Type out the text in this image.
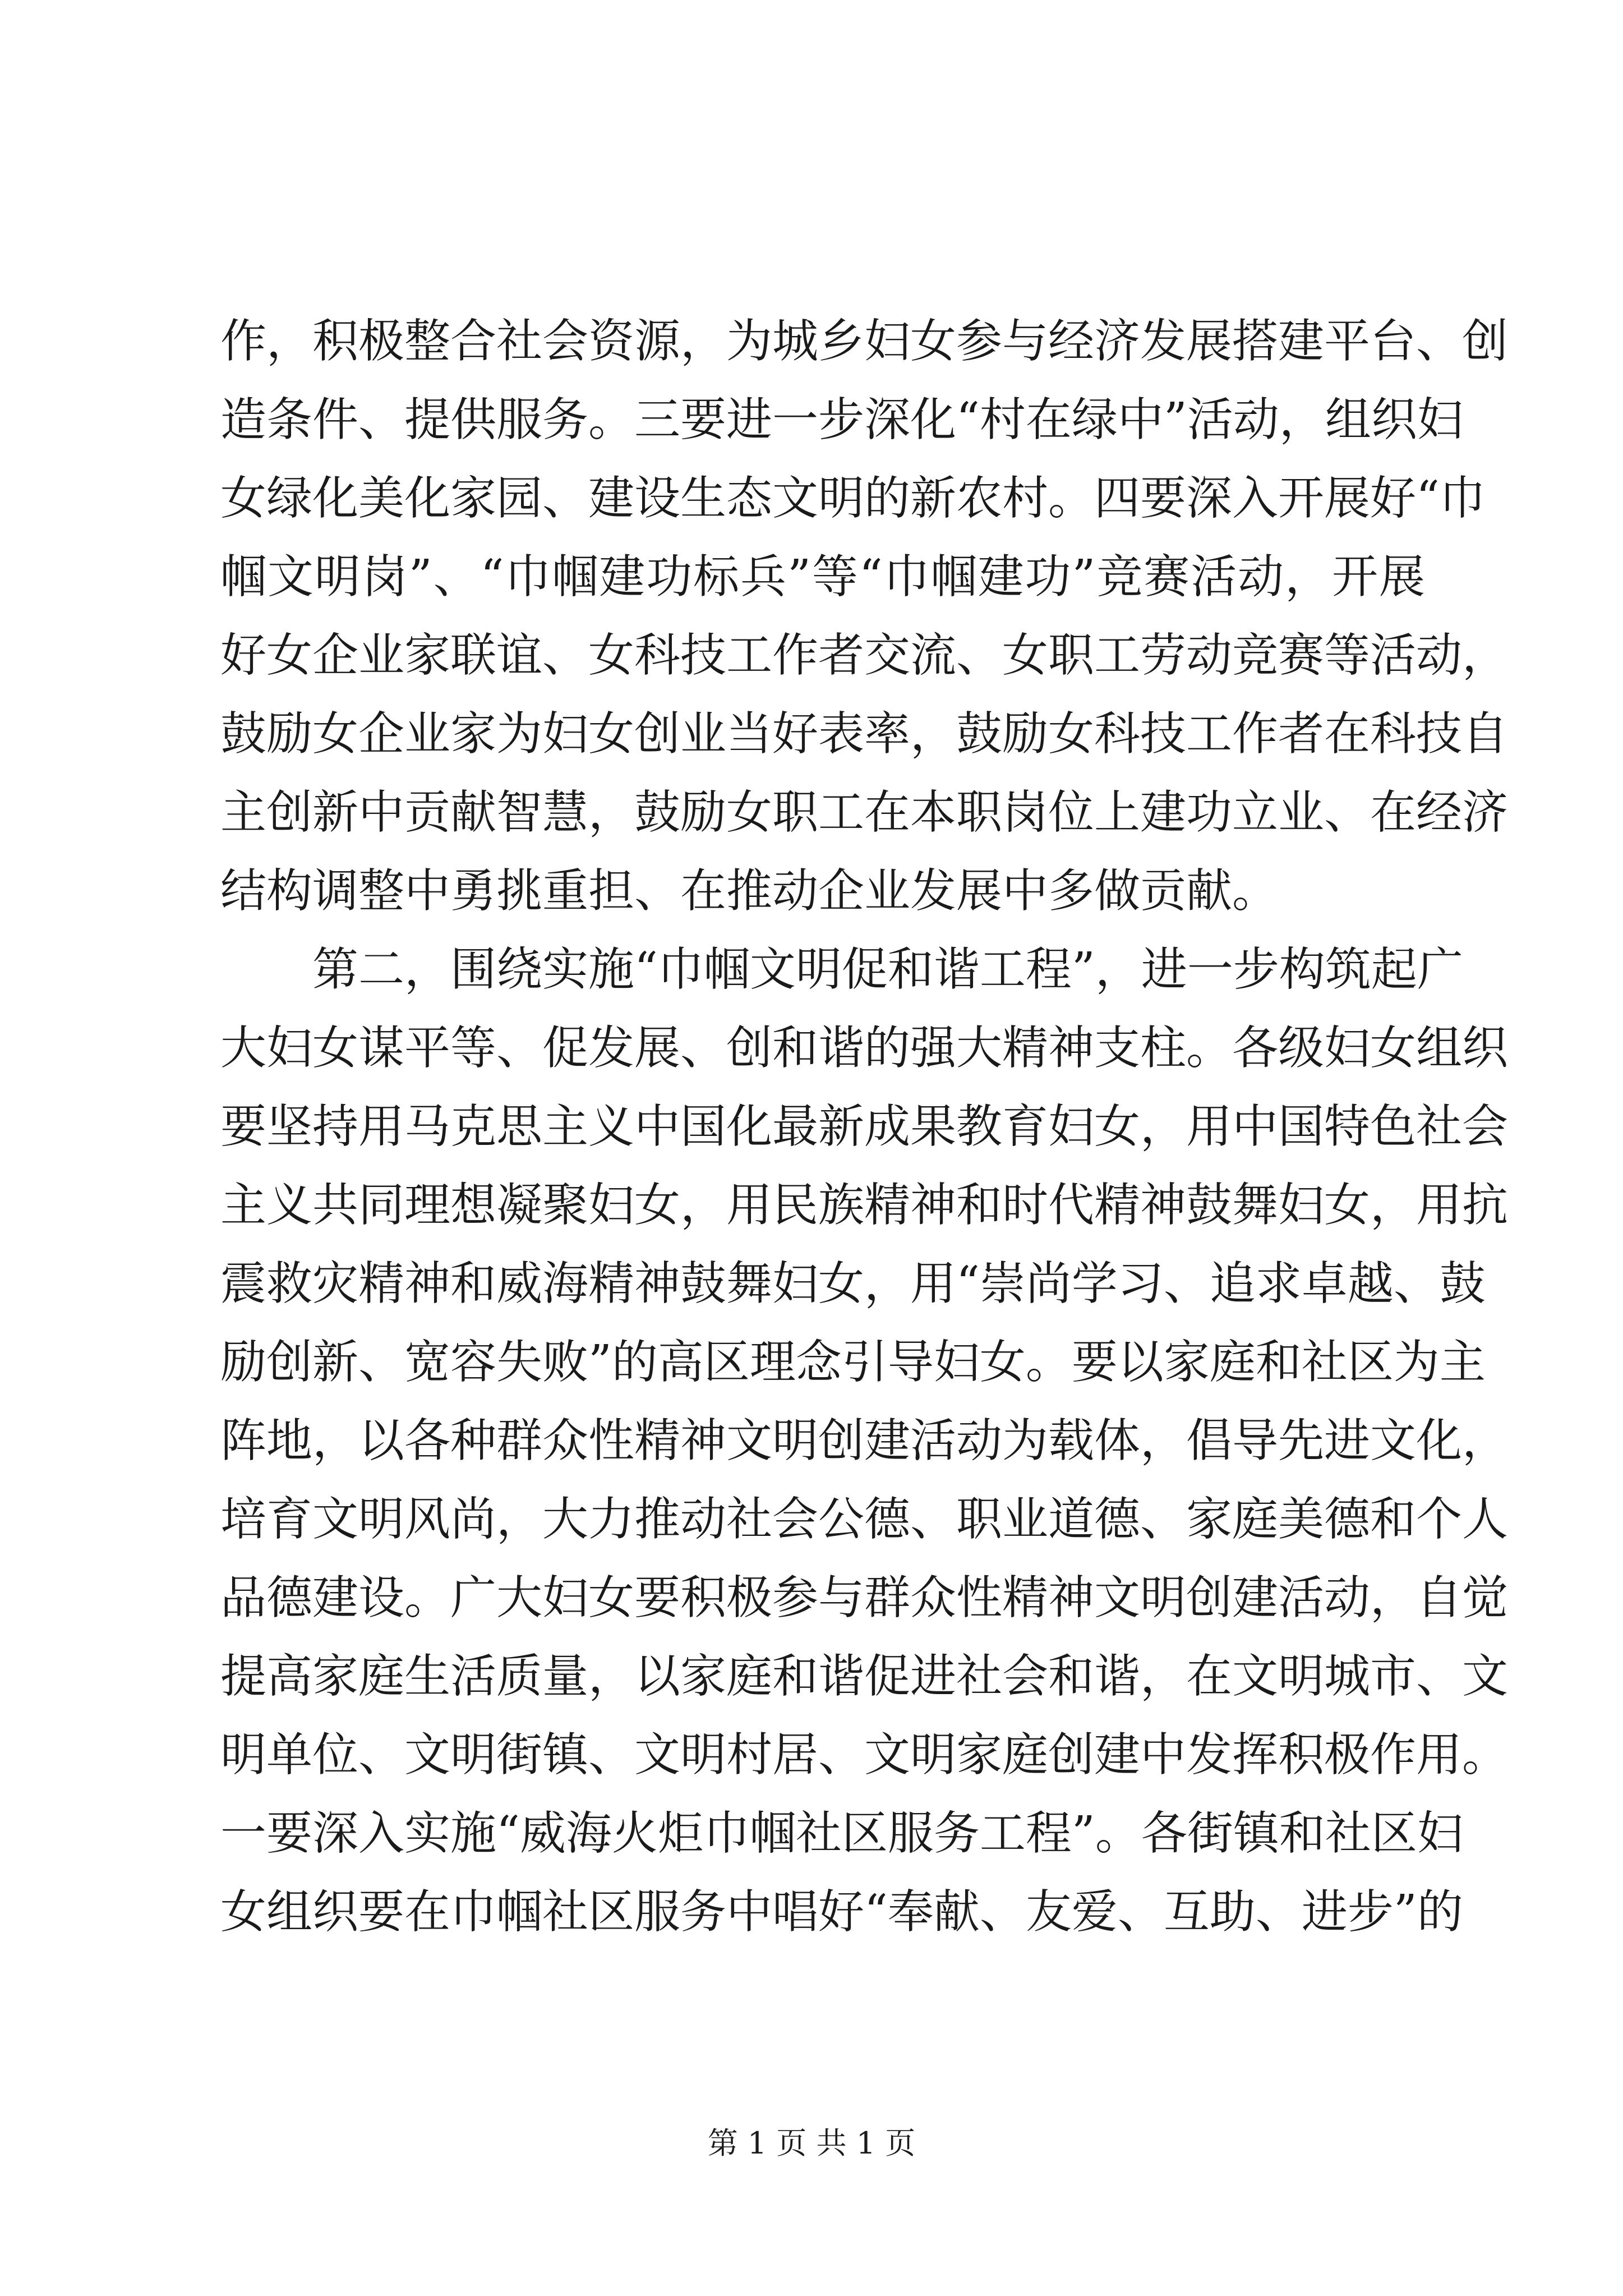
作，积极整合社会资源，为城乡妇女参与经济发展搭建平台、创
造条件、提供服务。三要进一步深化“村在绿中”活动，组织妇
女绿化美化家园、建设生态文明的新农村。四要深入开展好“巾
帼文明岗”、“巾帼建功标兵”等“巾帼建功”竞赛活动，开展
好女企业家联谊、女科技工作者交流、女职工劳动竞赛等活动，
鼓励女企业家为妇女创业当好表率，鼓励女科技工作者在科技自
主创新中贡献智慧，鼓励女职工在本职岗位上建功立业、在经济
结构调整中勇挑重担、在推动企业发展中多做贡献。
第二，围绕实施“巾帼文明促和谐工程”，进一步构筑起广
大妇女谋平等、促发展、创和谐的强大精神支柱。各级妇女组织
要坚持用马克思主义中国化最新成果教育妇女，用中国特色社会
主义共同理想凝聚妇女，用民族精神和时代精神鼓舞妇女，用抗
震救灾精神和威海精神鼓舞妇女，用“崇尚学习、追求卓越、鼓
励创新、宽容失败”的高区理念引导妇女。要以家庭和社区为主
阵地，以各种群众性精神文明创建活动为载体，倡导先进文化，
培育文明风尚，大力推动社会公德、职业道德、家庭美德和个人
品德建设。广大妇女要积极参与群众性精神文明创建活动，自觉
提高家庭生活质量，以家庭和谐促进社会和谐，在文明城市、文
明单位、文明街镇、文明村居、文明家庭创建中发挥积极作用。
一要深入实施“威海火炬巾帼社区服务工程”。各街镇和社区妇
女组织要在巾帼社区服务中唱好“奉献、友爱、互助、进步”的
第 1 页 共 1 页
